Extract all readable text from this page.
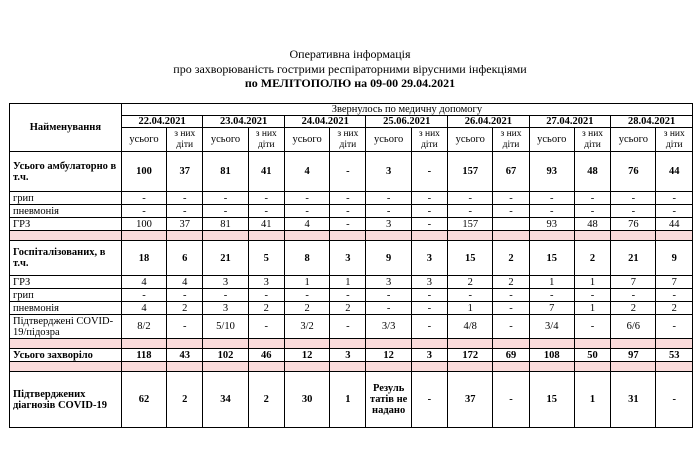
Оперативна інформація
про захворюваність гострими респіраторними вірусними інфекціями
по МЕЛІТОПОЛЮ на 09-00 29.04.2021
Найменування	Звернулось по медичну допомогу													
	22.04.2021		23.04.2021		24.04.2021		25.06.2021		26.04.2021		27.04.2021		28.04.2021	
	усього	з них діти	усього	з них діти	усього	з них діти	усього	з них діти	усього	з них діти	усього	з них діти	усього	з них діти
Усього амбулаторно в т.ч.	100	37	81	41	4	-	3	-	157	67	93	48	76	44
грип	-	-	-	-	-	-	-	-	-	-	-	-	-	-
пневмонія	-	-	-	-	-	-	-	-	-	-	-	-	-	-
ГРЗ	100	37	81	41	4	-	3	-	157		93	48	76	44

Госпіталізованих, в т.ч.	18	6	21	5	8	3	9	3	15	2	15	2	21	9
ГРЗ	4	4	3	3	1	1	3	3	2	2	1	1	7	7
грип	-	-	-	-	-	-	-	-	-	-	-	-	-	-
пневмонія	4	2	3	2	2	2	-	-	1	-	7	1	2	2
Підтверджені COVID-19/підозра	8/2	-	5/10	-	3/2	-	3/3	-	4/8	-	3/4	-	6/6	-

Усього захворіло	118	43	102	46	12	3	12	3	172	69	108	50	97	53

Підтверджених діагнозів COVID-19	62	2	34	2	30	1	Резуль татів не надано	-	37	-	15	1	31	-
